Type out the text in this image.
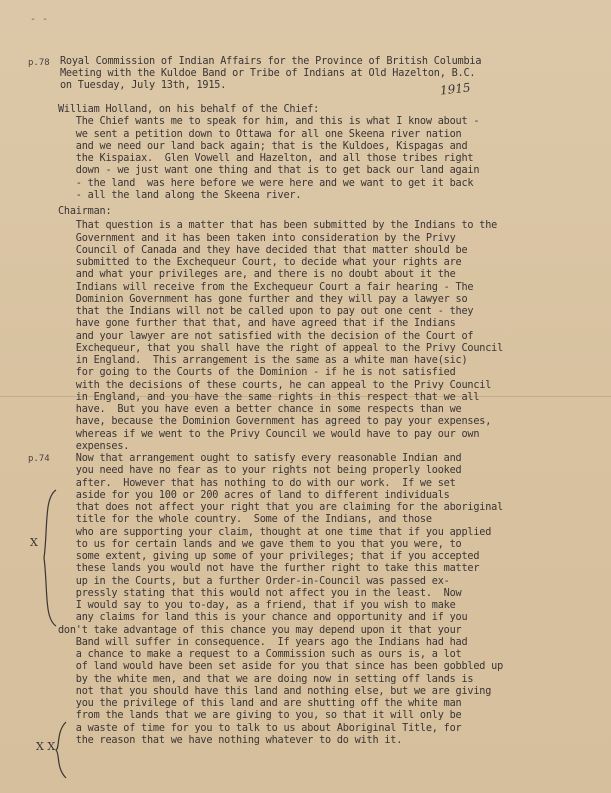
- -
p.78
p.74
1915
Royal Commission of Indian Affairs for the Province of British Columbia
Meeting with the Kuldoe Band or Tribe of Indians at Old Hazelton, B.C.
on Tuesday, July 13th, 1915.
William Holland, on his behalf of the Chief:
The Chief wants me to speak for him, and this is what I know about -
we sent a petition down to Ottawa for all one Skeena river nation
and we need our land back again; that is the Kuldoes, Kispagas and
the Kispaiax.  Glen Vowell and Hazelton, and all those tribes right
down - we just want one thing and that is to get back our land again
- the land  was here before we were here and we want to get it back
- all the land along the Skeena river.
Chairman:
That question is a matter that has been submitted by the Indians to the
Government and it has been taken into consideration by the Privy
Council of Canada and they have decided that that matter should be
submitted to the Exchequeur Court, to decide what your rights are
and what your privileges are, and there is no doubt about it the
Indians will receive from the Exchequeur Court a fair hearing - The
Dominion Government has gone further and they will pay a lawyer so
that the Indians will not be called upon to pay out one cent - they
have gone further that that, and have agreed that if the Indians
and your lawyer are not satisfied with the decision of the Court of
Exchequeur, that you shall have the right of appeal to the Privy Council
in England.  This arrangement is the same as a white man have(sic)
for going to the Courts of the Dominion - if he is not satisfied
with the decisions of these courts, he can appeal to the Privy Council
in England, and you have the same rights in this respect that we all
have.  But you have even a better chance in some respects than we
have, because the Dominion Government has agreed to pay your expenses,
whereas if we went to the Privy Council we would have to pay our own
expenses.
Now that arrangement ought to satisfy every reasonable Indian and
you need have no fear as to your rights not being properly looked
after.  However that has nothing to do with our work.  If we set
aside for you 100 or 200 acres of land to different individuals
that does not affect your right that you are claiming for the aboriginal
title for the whole country.  Some of the Indians, and those
who are supporting your claim, thought at one time that if you applied
to us for certain lands and we gave them to you that you were, to
some extent, giving up some of your privileges; that if you accepted
these lands you would not have the further right to take this matter
up in the Courts, but a further Order-in-Council was passed ex-
pressly stating that this would not affect you in the least.  Now
I would say to you to-day, as a friend, that if you wish to make
any claims for land this is your chance and opportunity and if you
don't take advantage of this chance you may depend upon it that your
Band will suffer in consequence.  If years ago the Indians had had
a chance to make a request to a Commission such as ours is, a lot
of land would have been set aside for you that since has been gobbled up
by the white men, and that we are doing now in setting off lands is
not that you should have this land and nothing else, but we are giving
you the privilege of this land and are shutting off the white man
from the lands that we are giving to you, so that it will only be
a waste of time for you to talk to us about Aboriginal Title, for
the reason that we have nothing whatever to do with it.
X
X X
